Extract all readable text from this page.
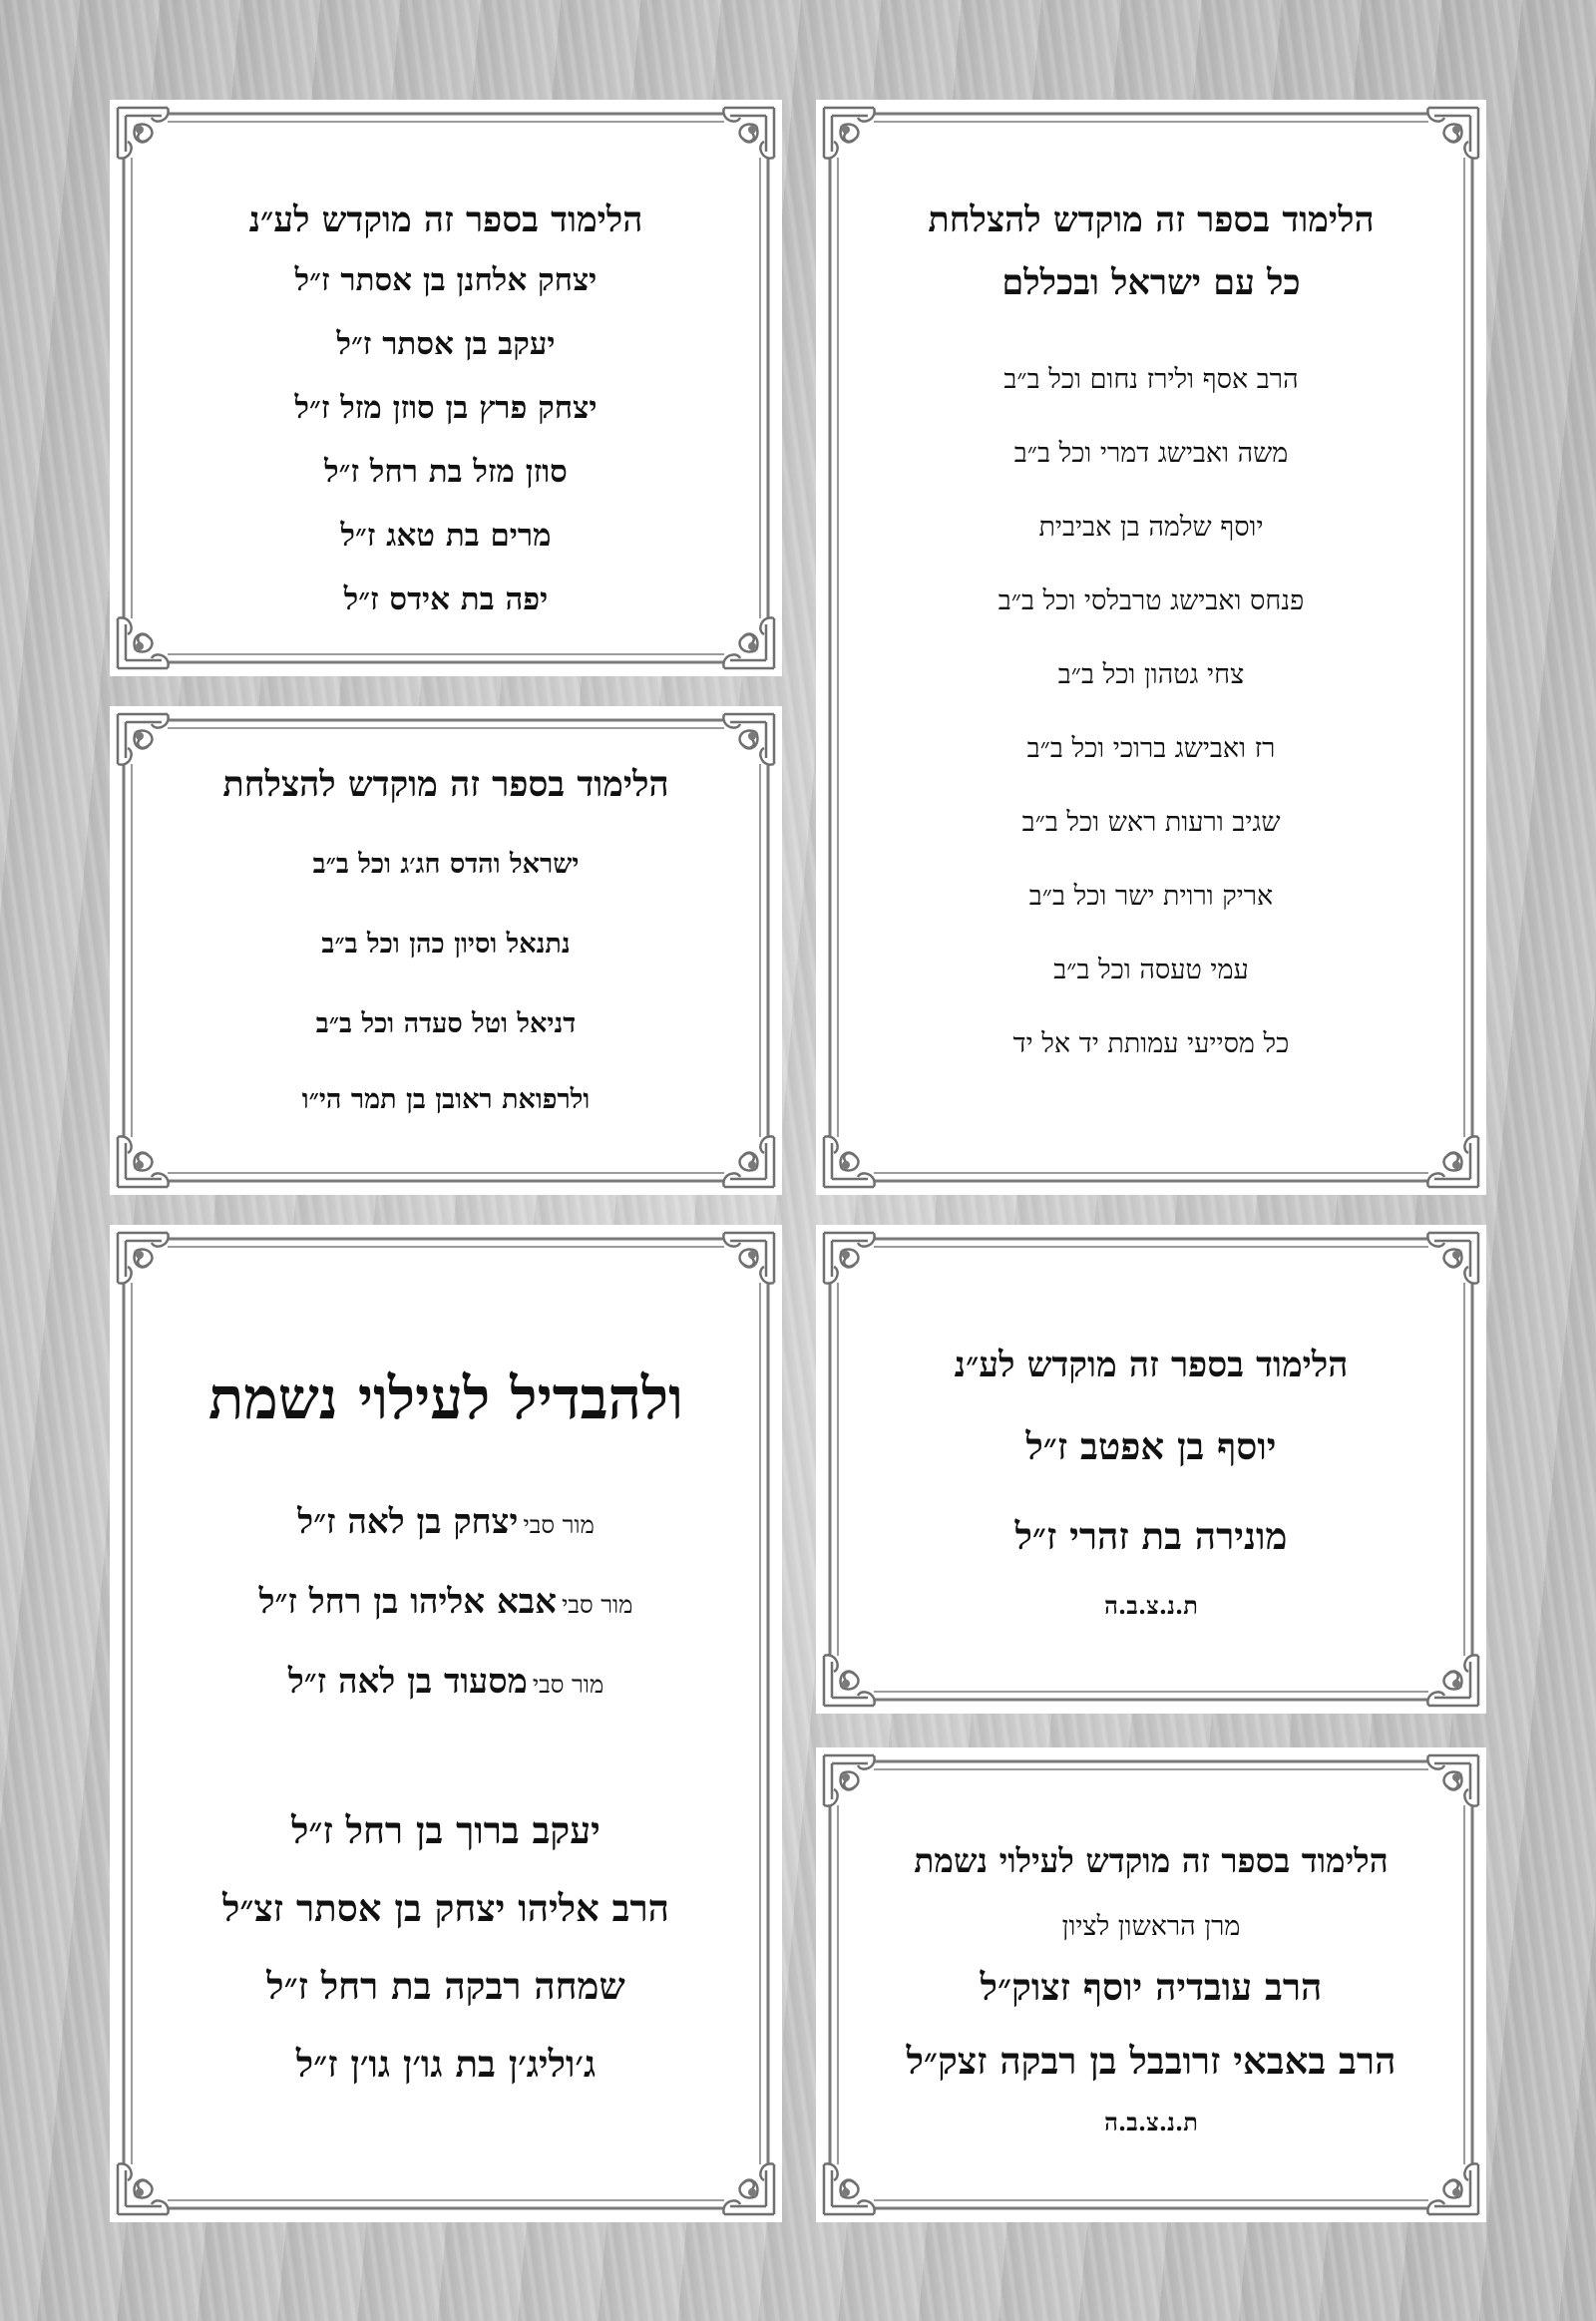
הלימוד בספר זה מוקדש להצלחת
כל עם ישראל ובכללם
הרב אסף ולירז נחום וכל ב״ב
משה ואבישג דמרי וכל ב״ב
יוסף שלמה בן אביבית
פנחס ואבישג טרבלסי וכל ב״ב
צחי גטהון וכל ב״ב
רז ואבישג ברוכי וכל ב״ב
שגיב ורעות ראש וכל ב״ב
אריק ורוית ישר וכל ב״ב
עמי טעסה וכל ב״ב
כל מסייעי עמותת יד אל יד
הלימוד בספר זה מוקדש לע״נ
יצחק אלחנן בן אסתר ז״ל
יעקב בן אסתר ז״ל
יצחק פרץ בן סוזן מזל ז״ל
סוזן מזל בת רחל ז״ל
מרים בת טאג ז״ל
יפה בת אידס ז״ל
הלימוד בספר זה מוקדש להצלחת
ישראל והדס חג׳ג וכל ב״ב
נתנאל וסיון כהן וכל ב״ב
דניאל וטל סעדה וכל ב״ב
ולרפואת ראובן בן תמר הי״ו
ולהבדיל לעילוי נשמת
מור סבי יצחק בן לאה ז״ל
מור סבי אבא אליהו בן רחל ז״ל
מור סבי מסעוד בן לאה ז״ל
יעקב ברוך בן רחל ז״ל
הרב אליהו יצחק בן אסתר זצ״ל
שמחה רבקה בת רחל ז״ל
ג׳וליג׳ן בת גו׳ן גו׳ן ז״ל
הלימוד בספר זה מוקדש לע״נ
יוסף בן אפטב ז״ל
מונירה בת זהרי ז״ל
ת.נ.צ.ב.ה
הלימוד בספר זה מוקדש לעילוי נשמת
מרן הראשון לציון
הרב עובדיה יוסף זצוק״ל
הרב באבאי זרובבל בן רבקה זצק״ל
ת.נ.צ.ב.ה
